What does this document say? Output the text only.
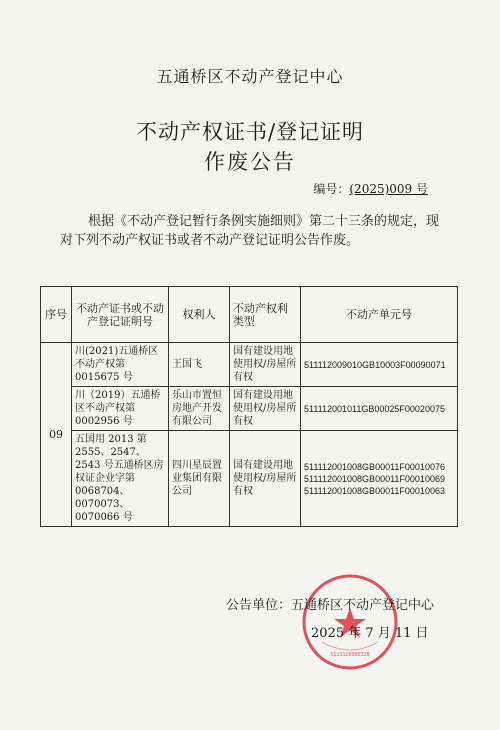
五通桥区不动产登记中心
不动产权证书/登记证明
作废公告
编号：(2025)009 号
根据《不动产登记暂行条例实施细则》第二十三条的规定，现对下列不动产权证书或者不动产登记证明公告作废。
序号	不动产证书或不动产登记证明号	权利人	不动产权利类型	不动产单元号
09	川(2021)五通桥区不动产权第 0015675 号	王国飞	国有建设用地使用权/房屋所有权	511112009010GB10003F00090071

	川（2019）五通桥区不动产权第 0002956 号	乐山市置恒房地产开发有限公司	国有建设用地使用权/房屋所有权	511112001011GB00025F00020075

	五国用 2013 第 2555、2547、2543 号五通桥区房权证企业字第 0068704、0070073、0070066 号	四川星辰置业集团有限公司	国有建设用地使用权/房屋所有权	511112001008GB00011F00010076
511112001008GB00011F00010069
511112001008GB00011F00010063
5111120000328
公告单位：五通桥区不动产登记中心
2025 年 7 月 11 日
